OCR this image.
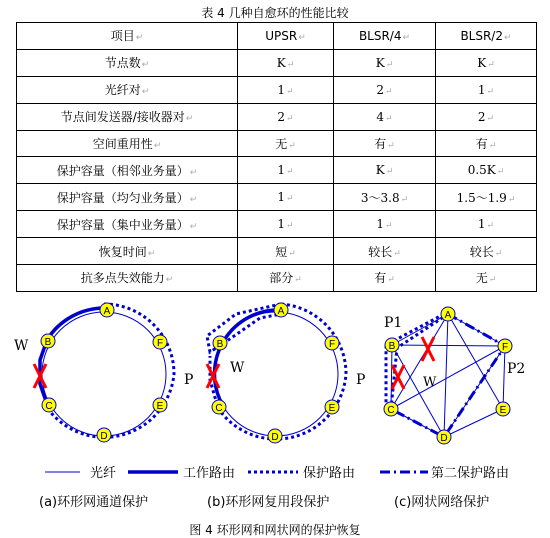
表 4 几种自愈环的性能比较
项目↵	UPSR↵	BLSR/4↵	BLSR/2↵
节点数↵	K↵	K↵	K↵
光纤对↵	1↵	2↵	1↵
节点间发送器/接收器对↵	2↵	4↵	2↵
空间重用性↵	无↵	有↵	有↵
保护容量（相邻业务量）↵	1↵	K↵	0.5K↵
保护容量（均匀业务量）↵	1↵	3～3.8↵	1.5～1.9↵
保护容量（集中业务量）↵	1↵	1↵	1↵
恢复时间↵	短↵	较长↵	较长↵
抗多点失效能力↵	部分↵	有↵	无↵
A
B
C
D
E
F
W
P
A
B
C
D
E
F
W
P
A
B
C
D
E
F
P1
W
P2
光纤	工作路由	保护路由	第二保护路由
(a)环形网通道保护	(b)环形网复用段保护	(c)网状网络保护
图 4 环形网和网状网的保护恢复
